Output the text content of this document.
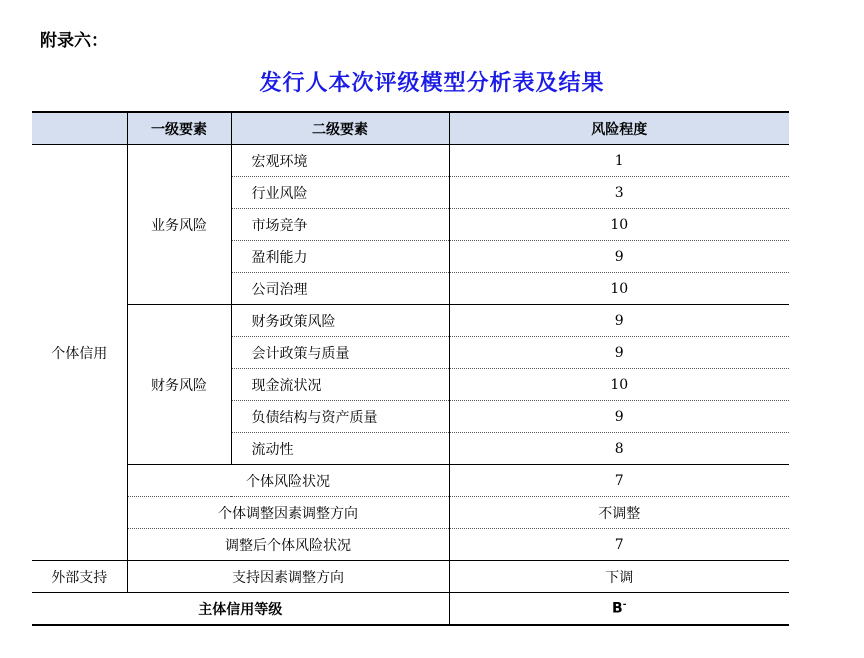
附录六：
发行人本次评级模型分析表及结果
	一级要素	二级要素	风险程度
个体信用	业务风险	宏观环境	1
		行业风险	3
		市场竞争	10
		盈利能力	9
		公司治理	10
	财务风险	财务政策风险	9
		会计政策与质量	9
		现金流状况	10
		负债结构与资产质量	9
		流动性	8
	个体风险状况		7
	个体调整因素调整方向		不调整
	调整后个体风险状况		7
外部支持	支持因素调整方向		下调
主体信用等级			B-
